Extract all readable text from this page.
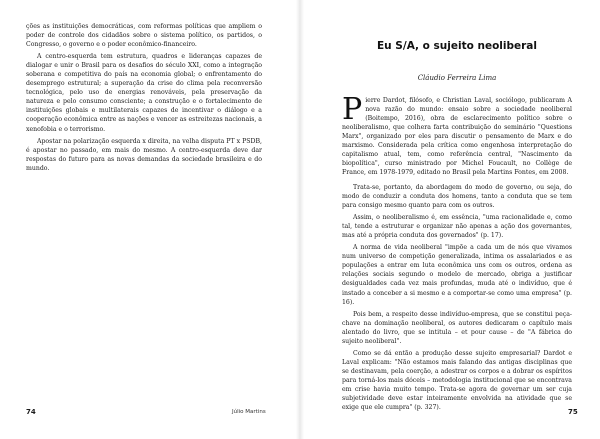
ções as instituições democráticas, com reformas políticas que ampliem o poder de controle dos cidadãos sobre o sistema político, os partidos, o Congresso, o governo e o poder econômico-financeiro.

A centro-esquerda tem estrutura, quadros e lideranças capazes de dialogar e unir o Brasil para os desafios do século XXI, como a integração soberana e competitiva do país na economia global; o enfrentamento do desemprego estrutural; a superação da crise do clima pela reconversão tecnológica, pelo uso de energias renováveis, pela preservação da natureza e pelo consumo consciente; a construção e o fortalecimento de instituições globais e multilaterais capazes de incentivar o diálogo e a cooperação econômica entre as nações e vencer as estreitezas nacionais, a xenofobia e o terrorismo.

Apostar na polarização esquerda x direita, na velha disputa PT x PSDB, é apostar no passado, em mais do mesmo. A centro-esquerda deve dar respostas do futuro para as novas demandas da sociedade brasileira e do mundo.

Eu S/A, o sujeito neoliberal
Cláudio Ferreira Lima
P ierre Dardot, filósofo, e Christian Laval, sociólogo, publicaram A nova razão do mundo: ensaio sobre a sociedade neoliberal (Boitempo, 2016), obra de esclarecimento político sobre o neoliberalismo, que colhera farta contribuição do seminário "Questions Marx", organizado por eles para discutir o pensamento de Marx e do marxismo. Considerada pela crítica como engenhosa interpretação do capitalismo atual, tem, como referência central, "Nascimento da biopolítica", curso ministrado por Michel Foucault, no Collège de France, em 1978-1979, editado no Brasil pela Martins Fontes, em 2008.

Trata-se, portanto, da abordagem do modo de governo, ou seja, do modo de conduzir a conduta dos homens, tanto a conduta que se tem para consigo mesmo quanto para com os outros.

Assim, o neoliberalismo é, em essência, "uma racionalidade e, como tal, tende a estruturar e organizar não apenas a ação dos governantes, mas até a própria conduta dos governados" (p. 17).

A norma de vida neoliberal "impõe a cada um de nós que vivamos num universo de competição generalizada, intima os assalariados e as populações a entrar em luta econômica uns com os outros, ordena as relações sociais segundo o modelo de mercado, obriga a justificar desigualdades cada vez mais profundas, muda até o indivíduo, que é instado a conceber a si mesmo e a comportar-se como uma empresa" (p. 16).

Pois bem, a respeito desse indivíduo-empresa, que se constitui peça-chave na dominação neoliberal, os autores dedicaram o capítulo mais alentado do livro, que se intitula – et pour cause – de "A fábrica do sujeito neoliberal".

Como se dá então a produção desse sujeito empresarial? Dardot e Laval explicam: "Não estamos mais falando das antigas disciplinas que se destinavam, pela coerção, a adestrar os corpos e a dobrar os espíritos para torná-los mais dóceis – metodologia institucional que se encontrava em crise havia muito tempo. Trata-se agora de governar um ser cuja subjetividade deve estar inteiramente envolvida na atividade que se exige que ele cumpra" (p. 327).

74	Júlio Martins	75
